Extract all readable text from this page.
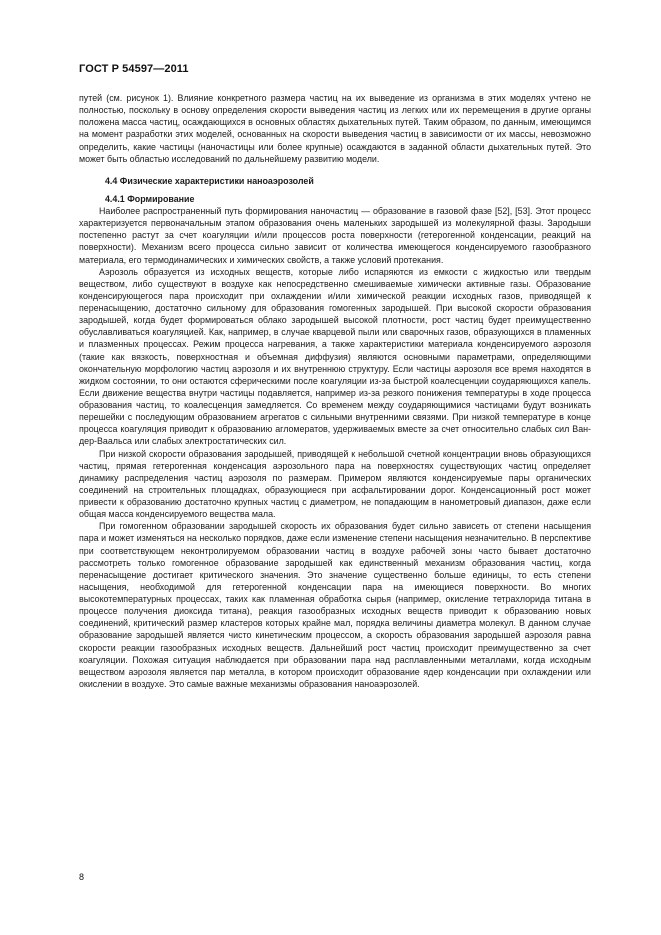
ГОСТ Р 54597—2011

путей (см. рисунок 1). Влияние конкретного размера частиц на их выведение из организма в этих моделях учтено не полностью, поскольку в основу определения скорости выведения частиц из легких или их перемещения в другие органы положена масса частиц, осаждающихся в основных областях дыхательных путей. Таким образом, по данным, имеющимся на момент разработки этих моделей, основанных на скорости выведения частиц в зависимости от их массы, невозможно определить, какие частицы (наночастицы или более крупные) осаждаются в заданной области дыхательных путей. Это может быть областью исследований по дальнейшему развитию модели.

4.4 Физические характеристики наноаэрозолей
4.4.1 Формирование

Наиболее распространенный путь формирования наночастиц — образование в газовой фазе [52], [53]. Этот процесс характеризуется первоначальным этапом образования очень маленьких зародышей из молекулярной фазы. Зародыши постепенно растут за счет коагуляции и/или процессов роста поверхности (гетерогенной конденсации, реакций на поверхности). Механизм всего процесса сильно зависит от количества имеющегося конденсируемого газообразного материала, его термодинамических и химических свойств, а также условий протекания.

Аэрозоль образуется из исходных веществ, которые либо испаряются из емкости с жидкостью или твердым веществом, либо существуют в воздухе как непосредственно смешиваемые химически активные газы. Образование конденсирующегося пара происходит при охлаждении и/или химической реакции исходных газов, приводящей к перенасыщению, достаточно сильному для образования гомогенных зародышей. При высокой скорости образования зародышей, когда будет формироваться облако зародышей высокой плотности, рост частиц будет преимущественно обуславливаться коагуляцией. Как, например, в случае кварцевой пыли или сварочных газов, образующихся в пламенных и плазменных процессах. Режим процесса нагревания, а также характеристики материала конденсируемого аэрозоля (такие как вязкость, поверхностная и объемная диффузия) являются основными параметрами, определяющими окончательную морфологию частиц аэрозоля и их внутреннюю структуру. Если частицы аэрозоля все время находятся в жидком состоянии, то они остаются сферическими после коагуляции из-за быстрой коалесценции соударяющихся капель. Если движение вещества внутри частицы подавляется, например из-за резкого понижения температуры в ходе процесса образования частиц, то коалесценция замедляется. Со временем между соударяющимися частицами будут возникать перешейки с последующим образованием агрегатов с сильными внутренними связями. При низкой температуре в конце процесса коагуляция приводит к образованию агломератов, удерживаемых вместе за счет относительно слабых сил Ван-дер-Ваальса или слабых электростатических сил.

При низкой скорости образования зародышей, приводящей к небольшой счетной концентрации вновь образующихся частиц, прямая гетерогенная конденсация аэрозольного пара на поверхностях существующих частиц определяет динамику распределения частиц аэрозоля по размерам. Примером являются конденсируемые пары органических соединений на строительных площадках, образующиеся при асфальтировании дорог. Конденсационный рост может привести к образованию достаточно крупных частиц с диаметром, не попадающим в нанометровый диапазон, даже если общая масса конденсируемого вещества мала.

При гомогенном образовании зародышей скорость их образования будет сильно зависеть от степени насыщения пара и может изменяться на несколько порядков, даже если изменение степени насыщения незначительно. В перспективе при соответствующем неконтролируемом образовании частиц в воздухе рабочей зоны часто бывает достаточно рассмотреть только гомогенное образование зародышей как единственный механизм образования частиц, когда перенасыщение достигает критического значения. Это значение существенно больше единицы, то есть степени насыщения, необходимой для гетерогенной конденсации пара на имеющиеся поверхности. Во многих высокотемпературных процессах, таких как пламенная обработка сырья (например, окисление тетрахлорида титана в процессе получения диоксида титана), реакция газообразных исходных веществ приводит к образованию новых соединений, критический размер кластеров которых крайне мал, порядка величины диаметра молекул. В данном случае образование зародышей является чисто кинетическим процессом, а скорость образования зародышей аэрозоля равна скорости реакции газообразных исходных веществ. Дальнейший рост частиц происходит преимущественно за счет коагуляции. Похожая ситуация наблюдается при образовании пара над расплавленными металлами, когда исходным веществом аэрозоля является пар металла, в котором происходит образование ядер конденсации при охлаждении или окислении в воздухе. Это самые важные механизмы образования наноаэрозолей.

8
